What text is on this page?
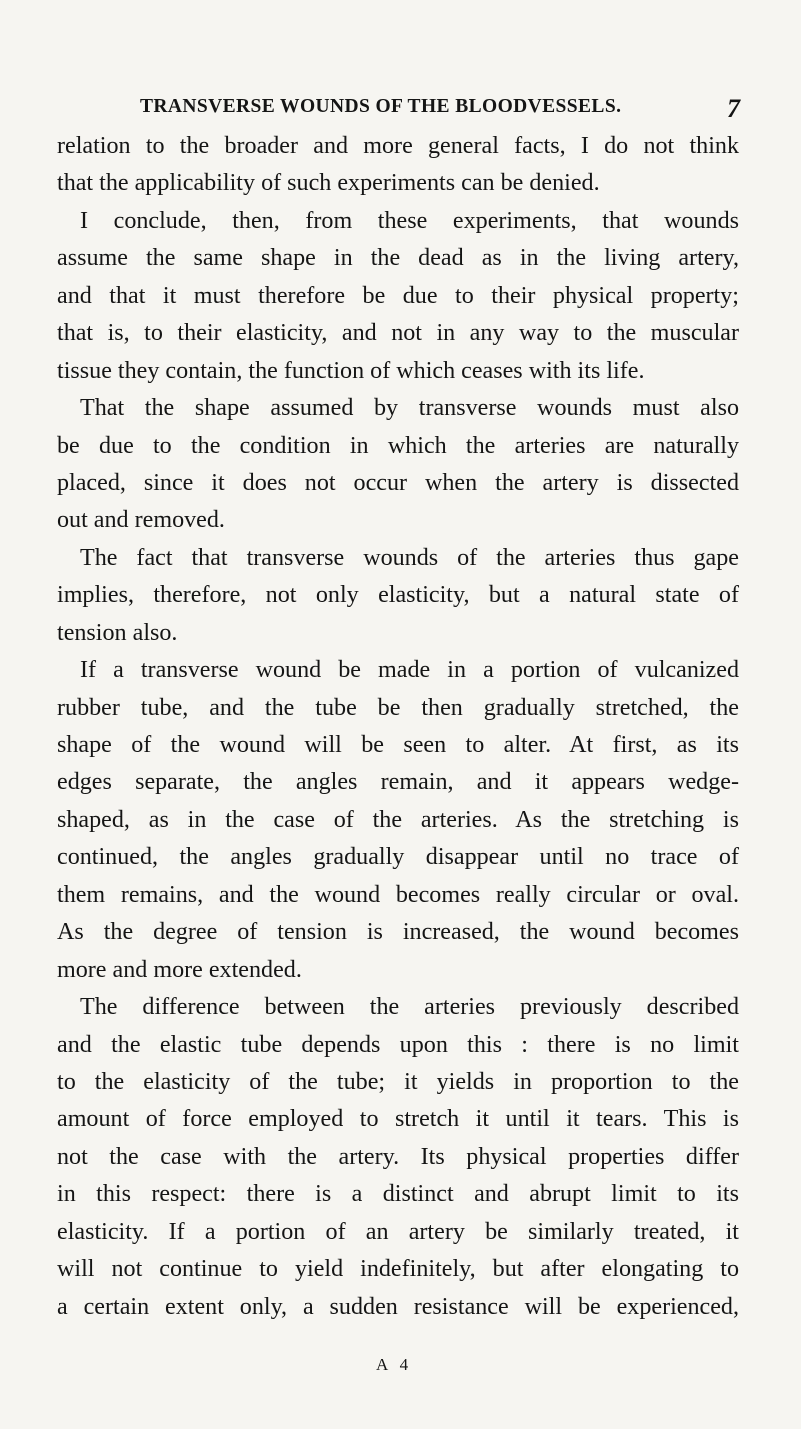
TRANSVERSE WOUNDS OF THE BLOODVESSELS.	7
relation to the broader and more general facts, I do not think
that the applicability of such experiments can be denied.
I conclude, then, from these experiments, that wounds
assume the same shape in the dead as in the living artery,
and that it must therefore be due to their physical property;
that is, to their elasticity, and not in any way to the muscular
tissue they contain, the function of which ceases with its life.
That the shape assumed by transverse wounds must also
be due to the condition in which the arteries are naturally
placed, since it does not occur when the artery is dissected
out and removed.
The fact that transverse wounds of the arteries thus gape
implies, therefore, not only elasticity, but a natural state of
tension also.
If a transverse wound be made in a portion of vulcanized
rubber tube, and the tube be then gradually stretched, the
shape of the wound will be seen to alter. At first, as its
edges separate, the angles remain, and it appears wedge-
shaped, as in the case of the arteries. As the stretching is
continued, the angles gradually disappear until no trace of
them remains, and the wound becomes really circular or oval.
As the degree of tension is increased, the wound becomes
more and more extended.
The difference between the arteries previously described
and the elastic tube depends upon this : there is no limit
to the elasticity of the tube; it yields in proportion to the
amount of force employed to stretch it until it tears. This is
not the case with the artery. Its physical properties differ
in this respect: there is a distinct and abrupt limit to its
elasticity. If a portion of an artery be similarly treated, it
will not continue to yield indefinitely, but after elongating to
a certain extent only, a sudden resistance will be experienced,
A 4
